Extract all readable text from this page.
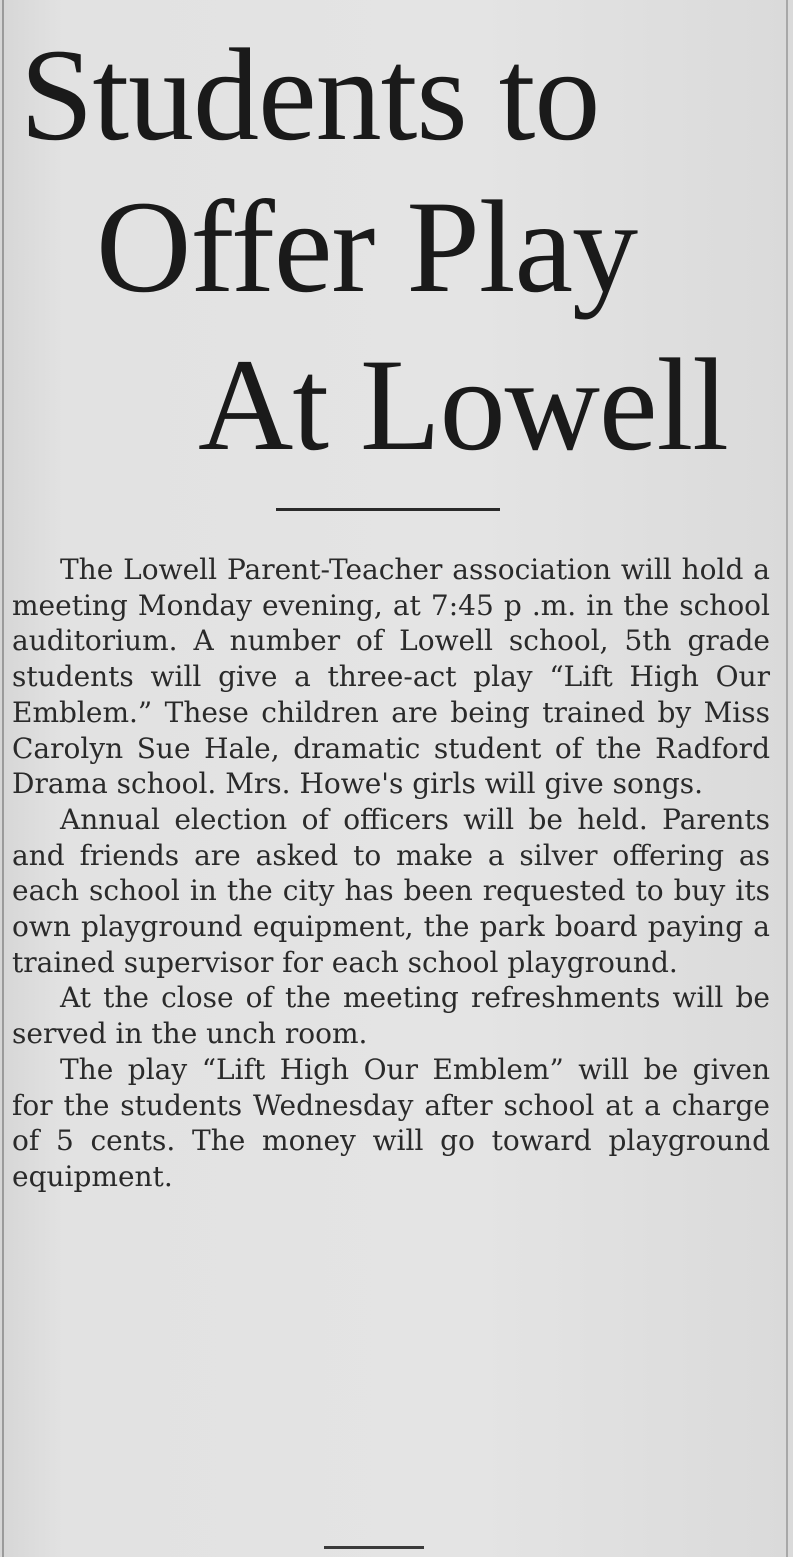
Students to
Offer Play
At Lowell

The Lowell Parent-Teacher association will hold a meeting Monday evening, at 7:45 p .m. in the school auditorium. A number of Lowell school, 5th grade students will give a three-act play “Lift High Our Emblem.” These children are being trained by Miss Carolyn Sue Hale, dramatic student of the Radford Drama school. Mrs. Howe's girls will give songs.

Annual election of officers will be held. Parents and friends are asked to make a silver offering as each school in the city has been requested to buy its own playground equipment, the park board paying a trained supervisor for each school playground.

At the close of the meeting refreshments will be served in the unch room.

The play “Lift High Our Emblem” will be given for the students Wednesday after school at a charge of 5 cents. The money will go toward playground equipment.
